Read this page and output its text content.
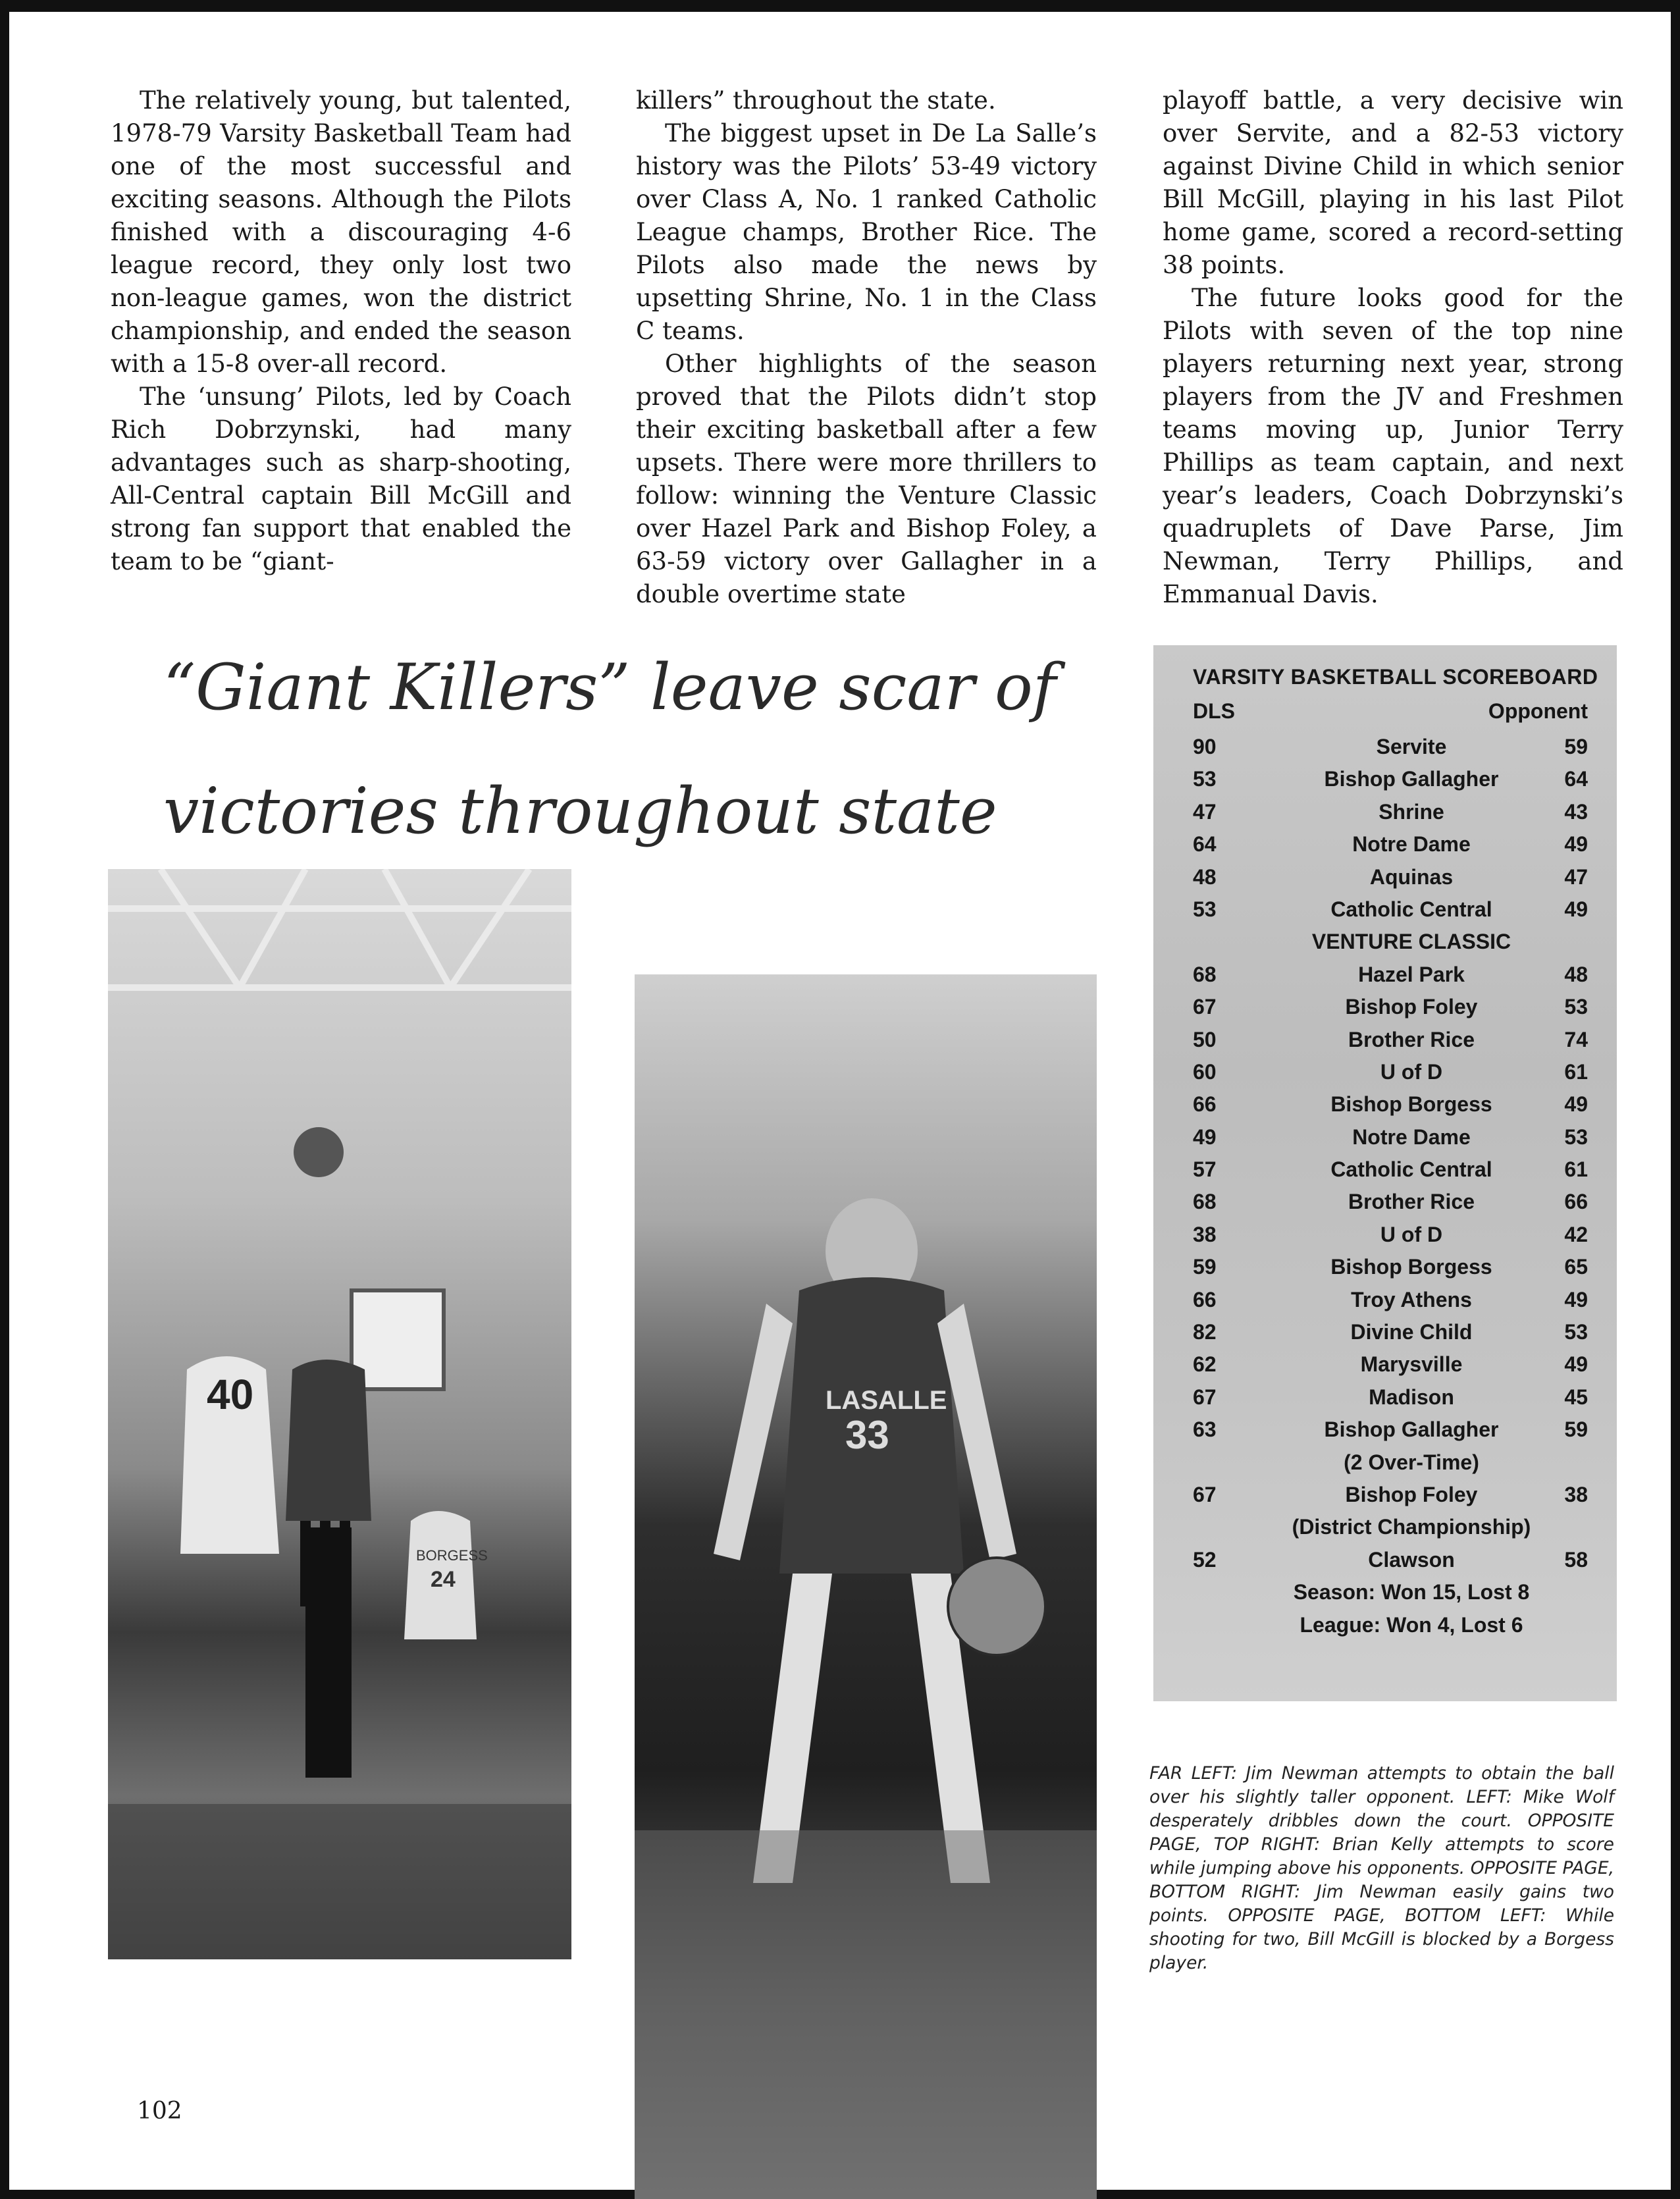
The relatively young, but talented, 1978-79 Varsity Basketball Team had one of the most successful and exciting seasons. Although the Pilots finished with a discouraging 4-6 league record, they only lost two non-league games, won the district championship, and ended the season with a 15-8 over-all record.

The ‘unsung’ Pilots, led by Coach Rich Dobrzynski, had many advantages such as sharp-shooting, All-Central captain Bill McGill and strong fan support that enabled the team to be “giant-

killers” throughout the state.

The biggest upset in De La Salle’s history was the Pilots’ 53-49 victory over Class A, No. 1 ranked Catholic League champs, Brother Rice. The Pilots also made the news by upsetting Shrine, No. 1 in the Class C teams.

Other highlights of the season proved that the Pilots didn’t stop their exciting basketball after a few upsets. There were more thrillers to follow: winning the Venture Classic over Hazel Park and Bishop Foley, a 63-59 victory over Gallagher in a double overtime state

playoff battle, a very decisive win over Servite, and a 82-53 victory against Divine Child in which senior Bill McGill, playing in his last Pilot home game, scored a record-setting 38 points.

The future looks good for the Pilots with seven of the top nine players returning next year, strong players from the JV and Freshmen teams moving up, Junior Terry Phillips as team captain, and next year’s leaders, Coach Dobrzynski’s quadruplets of Dave Parse, Jim Newman, Terry Phillips, and Emmanual Davis.

“Giant Killers” leave scar of victories throughout state
40
BORGESS
24
LASALLE
33
VARSITY BASKETBALL SCOREBOARD
DLS	Opponent
90	Servite	59
53	Bishop Gallagher	64
47	Shrine	43
64	Notre Dame	49
48	Aquinas	47
53	Catholic Central	49
VENTURE CLASSIC
68	Hazel Park	48
67	Bishop Foley	53
50	Brother Rice	74
60	U of D	61
66	Bishop Borgess	49
49	Notre Dame	53
57	Catholic Central	61
68	Brother Rice	66
38	U of D	42
59	Bishop Borgess	65
66	Troy Athens	49
82	Divine Child	53
62	Marysville	49
67	Madison	45
63	Bishop Gallagher	59
(2 Over-Time)
67	Bishop Foley	38
(District Championship)
52	Clawson	58
Season: Won 15, Lost 8
League: Won 4, Lost 6
FAR LEFT: Jim Newman attempts to obtain the ball over his slightly taller opponent. LEFT: Mike Wolf desperately dribbles down the court. OPPOSITE PAGE, TOP RIGHT: Brian Kelly attempts to score while jumping above his opponents. OPPOSITE PAGE, BOTTOM RIGHT: Jim Newman easily gains two points. OPPOSITE PAGE, BOTTOM LEFT: While shooting for two, Bill McGill is blocked by a Borgess player.
102
